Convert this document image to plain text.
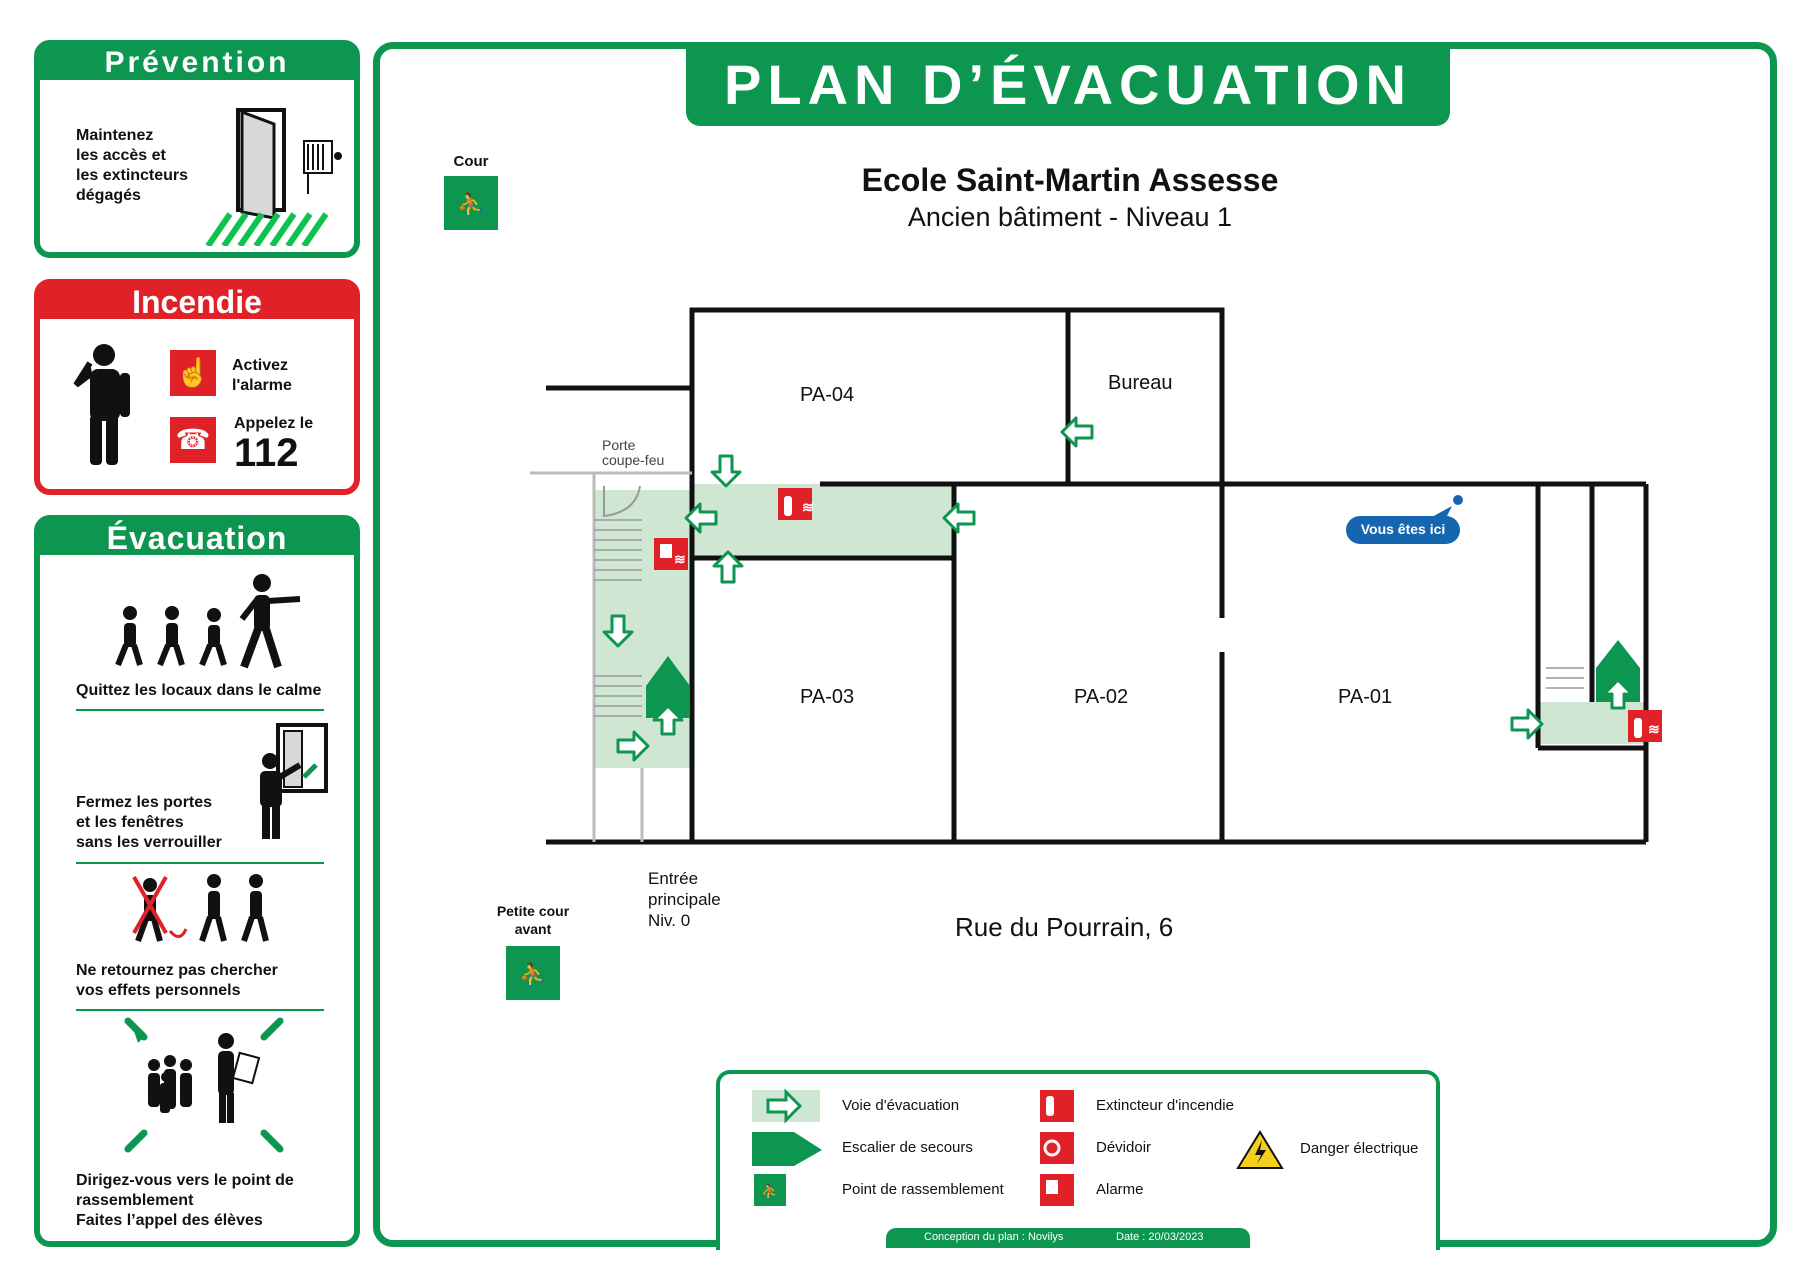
Prévention
Maintenez
les accès et
les extincteurs
dégagés
Incendie
☝	Activez
l'alarme
☎
Appelez le
112
Évacuation
Quittez les locaux dans le calme
Fermez les portes
et les fenêtres
sans les verrouiller
Ne retournez pas chercher
vos effets personnels
Dirigez-vous vers le point de
rassemblement
Faites l’appel des élèves
PLAN D’ÉVACUATION
≋
≋
≋
⛹
⛹
Cour
Ecole Saint-Martin Assesse
Ancien bâtiment - Niveau 1
PA-04
Bureau
PA-03	PA-02	PA-01
Porte
coupe-feu
Vous êtes ici
Entrée
principale
Niv. 0
Petite cour
avant	Rue du Pourrain, 6
⛹
Voie d'évacuation
Escalier de secours
Point de rassemblement
Extincteur d'incendie
Dévidoir
Alarme
Danger électrique
Conception du plan : Novilys	Date : 20/03/2023
